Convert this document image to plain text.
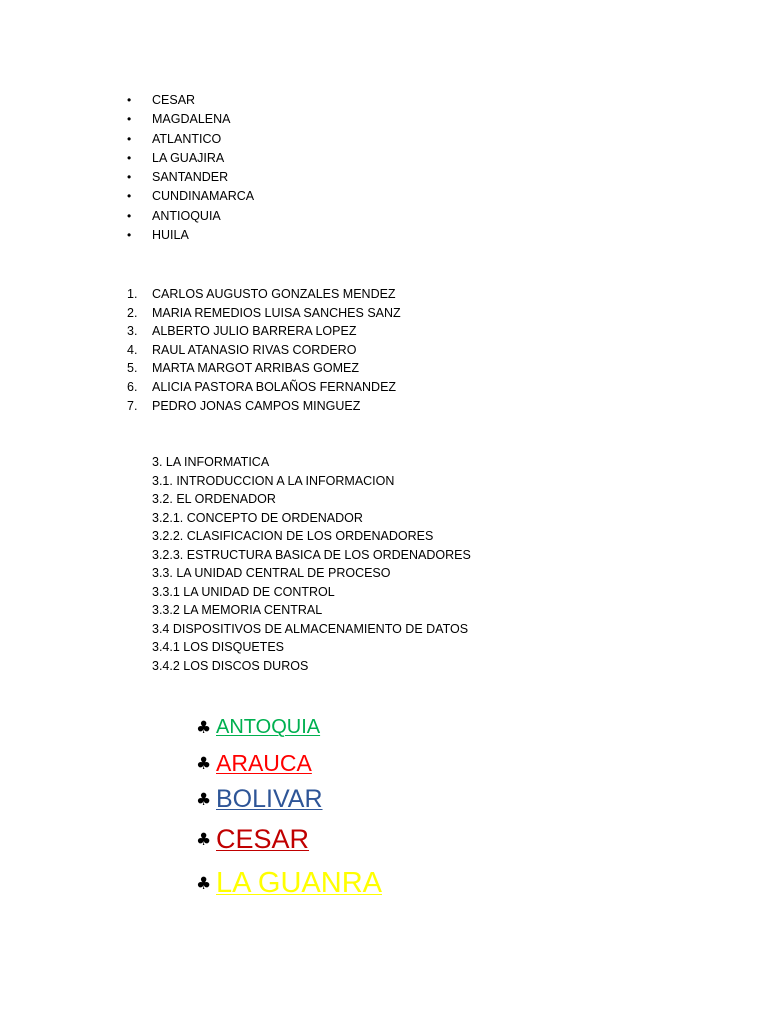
•	CESAR
•	MAGDALENA
•	ATLANTICO
•	LA GUAJIRA
•	SANTANDER
•	CUNDINAMARCA
•	ANTIOQUIA
•	HUILA
1.	CARLOS AUGUSTO GONZALES MENDEZ
2.	MARIA REMEDIOS LUISA SANCHES SANZ
3.	ALBERTO JULIO BARRERA LOPEZ
4.	RAUL ATANASIO RIVAS CORDERO
5.	MARTA MARGOT ARRIBAS GOMEZ
6.	ALICIA PASTORA BOLAÑOS FERNANDEZ
7.	PEDRO JONAS CAMPOS MINGUEZ
3. LA INFORMATICA
3.1. INTRODUCCION A LA INFORMACION
3.2. EL ORDENADOR
3.2.1. CONCEPTO DE ORDENADOR
3.2.2. CLASIFICACION DE LOS ORDENADORES
3.2.3. ESTRUCTURA BASICA DE LOS ORDENADORES
3.3. LA UNIDAD CENTRAL DE PROCESO
3.3.1 LA UNIDAD DE CONTROL
3.3.2 LA MEMORIA CENTRAL
3.4 DISPOSITIVOS DE ALMACENAMIENTO DE DATOS
3.4.1 LOS DISQUETES
3.4.2 LOS DISCOS DUROS
♣ ANTOQUIA
♣ ARAUCA
♣ BOLIVAR
♣ CESAR
♣ LA GUANRA
